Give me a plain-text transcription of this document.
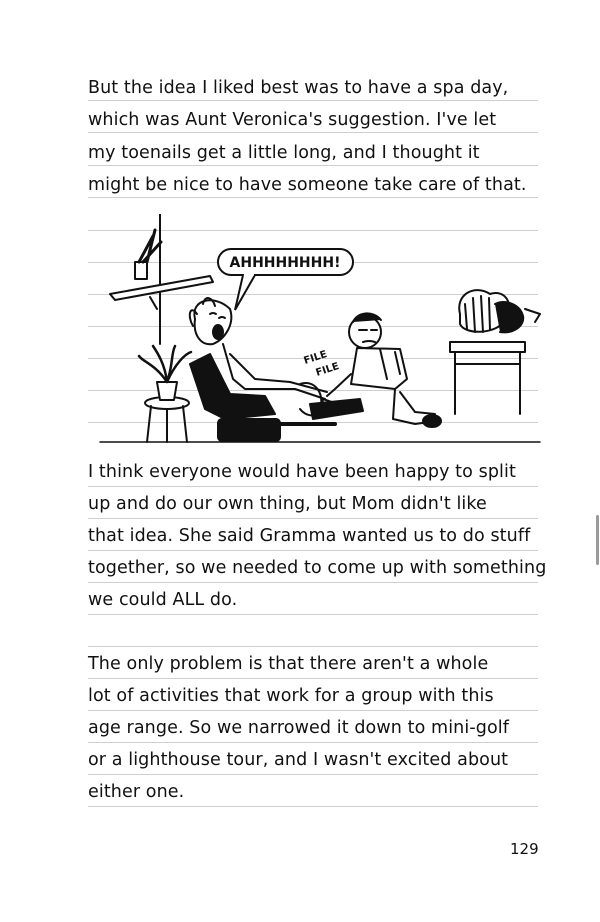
But the idea I liked best was to have a spa day,
which was Aunt Veronica's suggestion. I've let
my toenails get a little long, and I thought it
might be nice to have someone take care of that.
AHHHHHHHH!
FILE
FILE
I think everyone would have been happy to split
up and do our own thing, but Mom didn't like
that idea. She said Gramma wanted us to do stuff
together, so we needed to come up with something
we could ALL do.
The only problem is that there aren't a whole
lot of activities that work for a group with this
age range. So we narrowed it down to mini-golf
or a lighthouse tour, and I wasn't excited about
either one.
129
